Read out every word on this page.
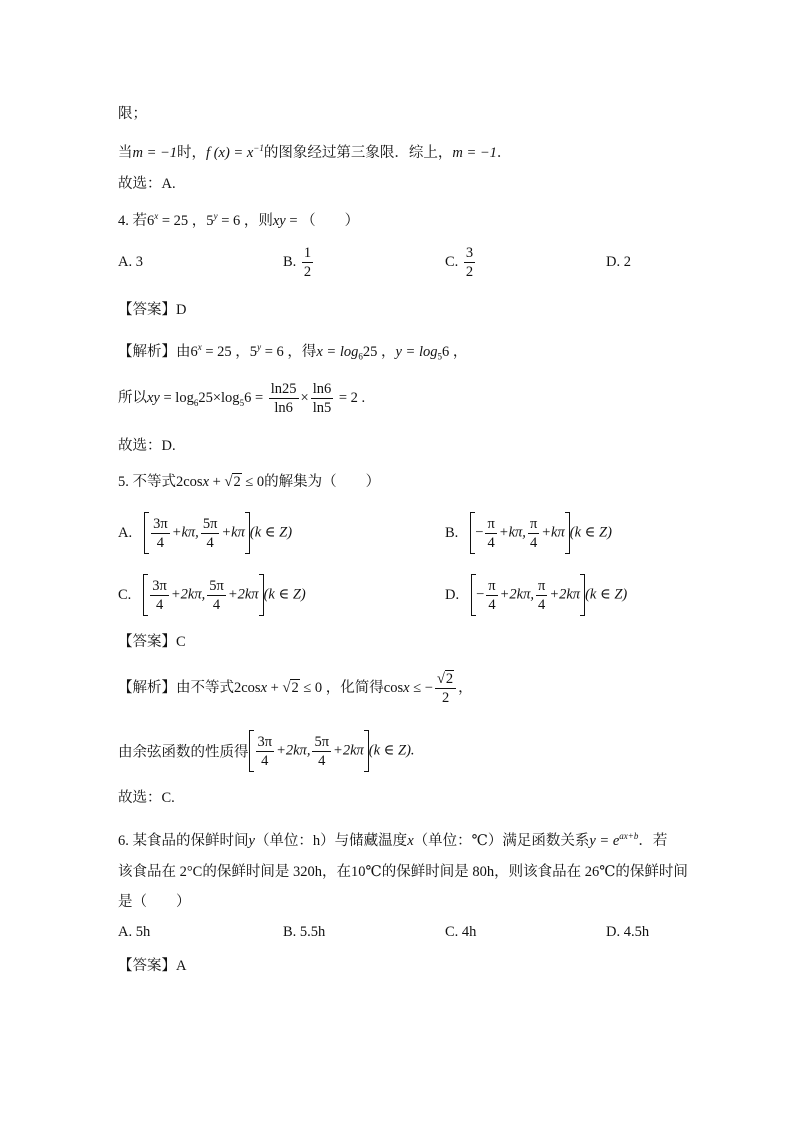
限；
当m = −1时，f $(x) = x^{-1}$的图象经过第三象限．综上，m = −1．
故选：A.
4. 若$6^x = 25$ ，$5^y = 6$ ，则xy = （　　）
A. 3	B. $\frac{1}{2}$	C. $\frac{3}{2}$	D. 2
【答案】D
【解析】由$6^x = 25$ ，$5^y = 6$ ，得$x = \log_625$ ，$y = \log_56$ ，
所以xy = $\log_625\times\log_56 = \frac{\ln 25}{\ln 6} \times \frac{\ln 6}{\ln 5} = 2$ .
故选：D.
5. 不等式2cosx + √2 ≤ 0的解集为（　　）
A. $\frac{3\pi}{4} +k\pi$, $\frac{5\pi}{4} +k\pi$ (k ∈ Z)	B. − $\frac{\pi}{4} +k\pi$, $\frac{\pi}{4} +k\pi$ (k ∈ Z)
C. $\frac{3\pi}{4} +2k\pi$, $\frac{5\pi}{4} +2k\pi$ (k ∈ Z)	D. − $\frac{\pi}{4} +2k\pi$, $\frac{\pi}{4} +2k\pi$ (k ∈ Z)
【答案】C
【解析】由不等式2cosx + √2 ≤ 0 ，化简得cosx ≤ − $\frac{√2}{2}$ ，
由余弦函数的性质得 $\frac{3\pi}{4} +2k\pi$, $\frac{5\pi}{4} +2k\pi$ (k ∈ Z).
故选：C.
6. 某食品的保鲜时间y（单位：h）与储藏温度x（单位：℃）满足函数关系$y = e^{ax+b}$．若
该食品在 2°C的保鲜时间是 320h，在10℃的保鲜时间是 80h，则该食品在 26℃的保鲜时间
是（　　）
A. 5h	B. 5.5h	C. 4h	D. 4.5h
【答案】A
